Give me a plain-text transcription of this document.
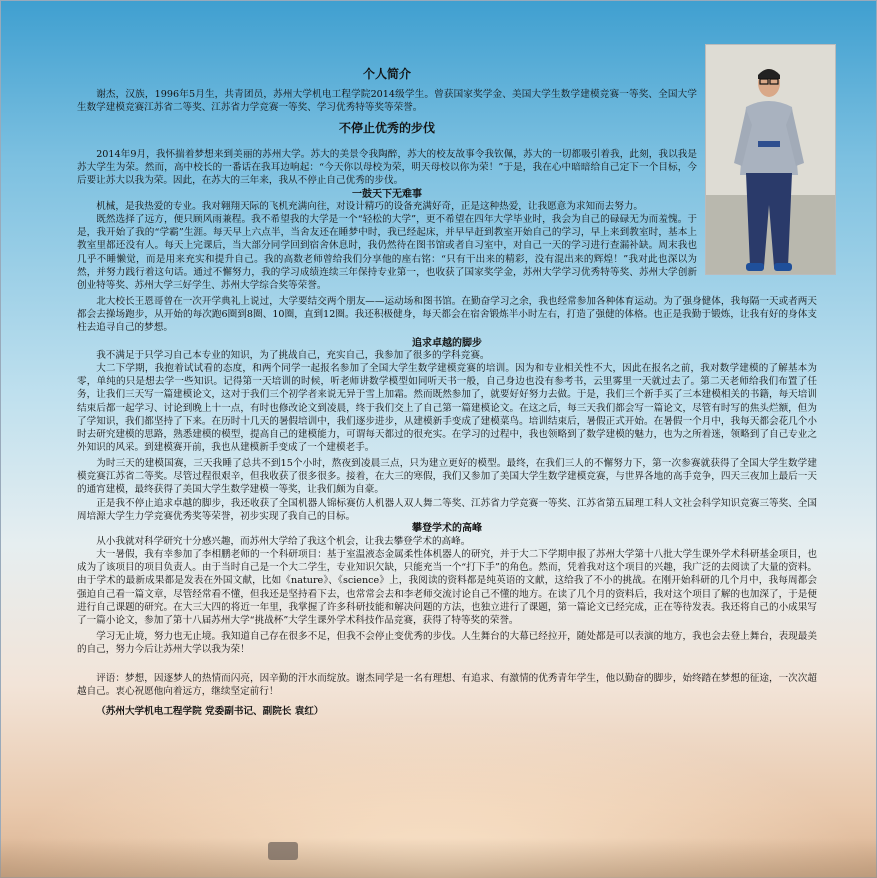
个人简介

谢杰，汉族，1996年5月生，共青团员，苏州大学机电工程学院2014级学生。曾获国家奖学金、美国大学生数学建模竞赛一等奖、全国大学生数学建模竞赛江苏省二等奖、江苏省力学竞赛一等奖、学习优秀特等奖等荣誉。

不停止优秀的步伐

2014年9月，我怀揣着梦想来到美丽的苏州大学。苏大的美景令我陶醉，苏大的校友故事令我钦佩，苏大的一切都吸引着我，此刻，我以我是苏大学生为荣。然而，高中校长的一番话在我耳边响起：“今天你以母校为荣，明天母校以你为荣！”于是，我在心中暗暗给自己定下一个目标，今后要让苏大以我为荣。因此，在苏大的三年来，我从不停止自己优秀的步伐。

一鼓天下无难事

机械，是我热爱的专业。我对翱翔天际的飞机充满向往，对设计精巧的设备充满好奇，正是这种热爱，让我愿意为求知而去努力。

既然选择了远方，便只顾风雨兼程。我不希望我的大学是一个“轻松的大学”，更不希望在四年大学毕业时，我会为自己的碌碌无为而羞愧。于是，我开始了我的“学霸”生涯。每天早上六点半，当舍友还在睡梦中时，我已经起床，并早早赶到教室开始自己的学习，早上来到教室时，基本上教室里都还没有人。每天上完课后，当大部分同学回到宿舍休息时，我仍然待在图书馆或者自习室中，对自己一天的学习进行查漏补缺。周末我也几乎不睡懒觉，而是用来充实和提升自己。我的高数老师曾给我们分享他的座右铭：“只有干出来的精彩，没有混出来的辉煌！”我对此也深以为然，并努力践行着这句话。通过不懈努力，我的学习成绩连续三年保持专业第一，也收获了国家奖学金，苏州大学学习优秀特等奖、苏州大学创新创业特等奖、苏州大学三好学生、苏州大学综合奖等荣誉。

北大校长王恩哥曾在一次开学典礼上说过，大学要结交两个朋友——运动场和图书馆。在勤奋学习之余，我也经常参加各种体育运动。为了强身健体，我每隔一天或者两天都会去操场跑步，从开始的每次跑6圈到8圈、10圈，直到12圈。我还积极健身，每天都会在宿舍锻炼半小时左右，打造了强健的体格。也正是我勤于锻炼，让我有好的身体支柱去追寻自己的梦想。

追求卓越的脚步

我不满足于只学习自己本专业的知识，为了挑战自己，充实自己，我参加了很多的学科竞赛。

大二下学期，我抱着试试看的态度，和两个同学一起报名参加了全国大学生数学建模竞赛的培训。因为和专业相关性不大，因此在报名之前，我对数学建模的了解基本为零，单纯的只是想去学一些知识。记得第一天培训的时候，听老师讲数学模型如同听天书一般，自己身边也没有参考书，云里雾里一天就过去了。第二天老师给我们布置了任务，让我们三天写一篇建模论文，这对于我们三个初学者来说无异于雪上加霜。然而既然参加了，就要好好努力去做。于是，我们三个新手买了三本建模相关的书籍，每天培训结束后都一起学习、讨论到晚上十一点，有时也修改论文到凌晨，终于我们交上了自己第一篇建模论文。在这之后，每三天我们都会写一篇论文，尽管有时写的焦头烂额，但为了学知识，我们都坚持了下来。在历时十几天的暑假培训中，我们逐步进步，从建模新手变成了建模菜鸟。培训结束后，暑假正式开始。在暑假一个月中，我每天都会花几个小时去研究建模的思路，熟悉建模的模型，提高自己的建模能力，可谓每天都过的很充实。在学习的过程中，我也领略到了数学建模的魅力，也为之所着迷，领略到了自己专业之外知识的风采。到建模赛开前，我也从建模新手变成了一个建模老手。

为时三天的建模国赛，三天我睡了总共不到15个小时，熬夜到凌晨三点，只为建立更好的模型。最终，在我们三人的不懈努力下，第一次参赛就获得了全国大学生数学建模竞赛江苏省二等奖。尽管过程很艰辛，但我收获了很多很多。接着，在大三的寒假，我们又参加了美国大学生数学建模竞赛，与世界各地的高手竞争，四天三夜加上最后一天的通宵建模，最终获得了美国大学生数学建模一等奖，让我们颇为自豪。

正是我不停止追求卓越的脚步，我还收获了全国机器人锦标赛仿人机器人双人舞二等奖、江苏省力学竞赛一等奖、江苏省第五届理工科人文社会科学知识竞赛三等奖、全国周培源大学生力学竞赛优秀奖等荣誉，初步实现了我自己的目标。

攀登学术的高峰

从小我就对科学研究十分感兴趣，而苏州大学给了我这个机会，让我去攀登学术的高峰。

大一暑假，我有幸参加了李相鹏老师的一个科研项目：基于室温液态金属柔性体机器人的研究，并于大二下学期申报了苏州大学第十八批大学生课外学术科研基金项目，也成为了该项目的项目负责人。由于当时自己是一个大二学生，专业知识欠缺，只能充当一个“打下手”的角色。然而，凭着我对这个项目的兴趣，我广泛的去阅读了大量的资料。由于学术的最新成果都是发表在外国文献，比如《nature》、《science》上，我阅读的资料都是纯英语的文献，这给我了不小的挑战。在刚开始科研的几个月中，我每周都会强迫自己看一篇文章，尽管经常看不懂，但我还是坚持看下去，也常常会去和李老师交流讨论自己不懂的地方。在读了几个月的资料后，我对这个项目了解的也加深了，于是便进行自己课题的研究。在大三大四的将近一年里，我掌握了许多科研技能和解决问题的方法，也独立进行了课题，第一篇论文已经完成，正在等待发表。我还将自己的小成果写了一篇小论文，参加了第十八届苏州大学“挑战杯”大学生课外学术科技作品竞赛，获得了特等奖的荣誉。

学习无止境，努力也无止境。我知道自己存在很多不足，但我不会停止变优秀的步伐。人生舞台的大幕已经拉开，随处都是可以表演的地方，我也会去登上舞台，表现最美的自己，努力今后让苏州大学以我为荣！

评语：梦想，因逐梦人的热情而闪亮，因辛勤的汗水而绽放。谢杰同学是一名有理想、有追求、有激情的优秀青年学生，他以勤奋的脚步，始终踏在梦想的征途，一次次超越自己。衷心祝愿他向着远方，继续坚定前行！

（苏州大学机电工程学院 党委副书记、副院长 袁红）
